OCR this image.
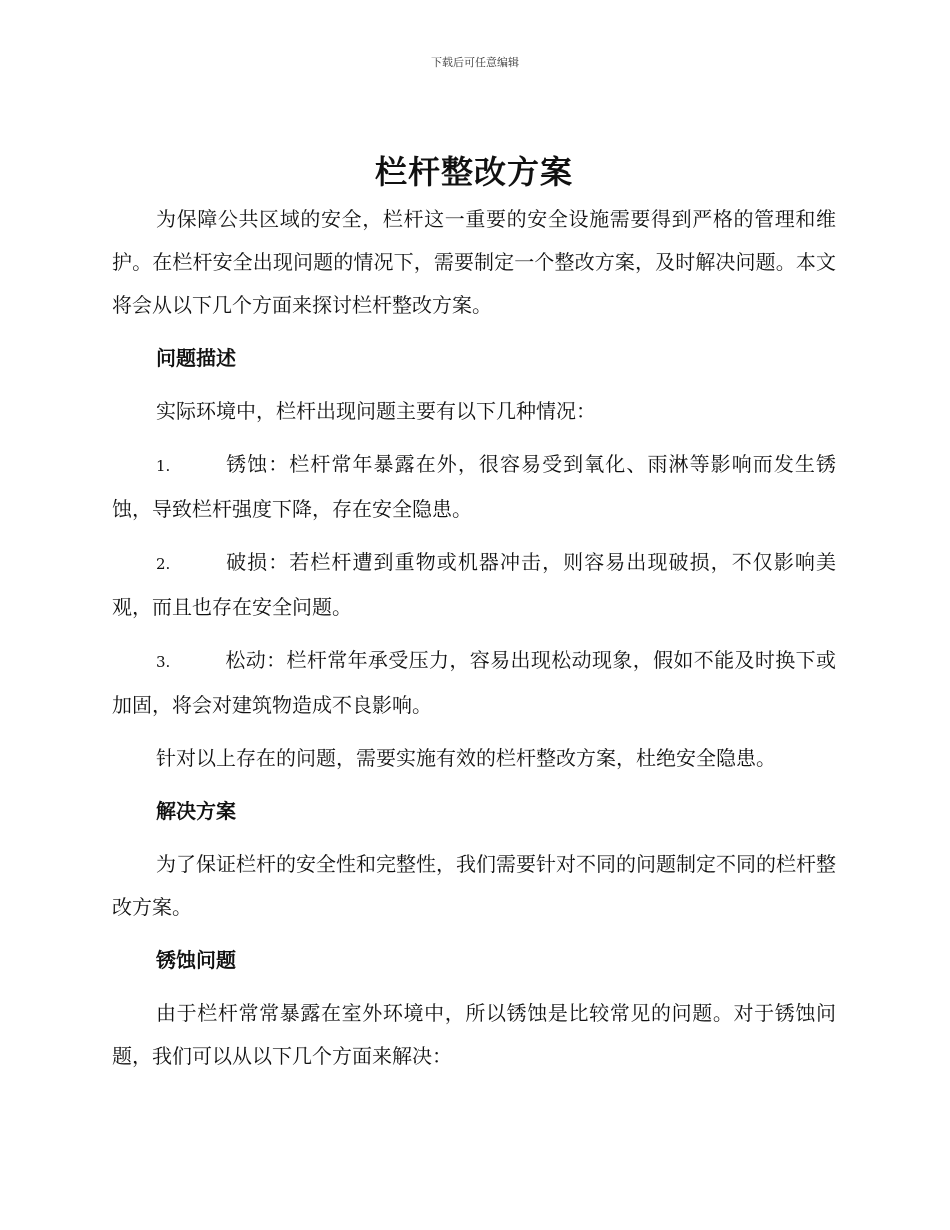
下载后可任意编辑
栏杆整改方案

为保障公共区域的安全，栏杆这一重要的安全设施需要得到严格的管理和维护。在栏杆安全出现问题的情况下，需要制定一个整改方案，及时解决问题。本文将会从以下几个方面来探讨栏杆整改方案。

问题描述

实际环境中，栏杆出现问题主要有以下几种情况：

1.	锈蚀：栏杆常年暴露在外，很容易受到氧化、雨淋等影响而发生锈蚀，导致栏杆强度下降，存在安全隐患。

2.	破损：若栏杆遭到重物或机器冲击，则容易出现破损，不仅影响美观，而且也存在安全问题。

3.	松动：栏杆常年承受压力，容易出现松动现象，假如不能及时换下或加固，将会对建筑物造成不良影响。

针对以上存在的问题，需要实施有效的栏杆整改方案，杜绝安全隐患。

解决方案

为了保证栏杆的安全性和完整性，我们需要针对不同的问题制定不同的栏杆整改方案。

锈蚀问题

由于栏杆常常暴露在室外环境中，所以锈蚀是比较常见的问题。对于锈蚀问题，我们可以从以下几个方面来解决：
